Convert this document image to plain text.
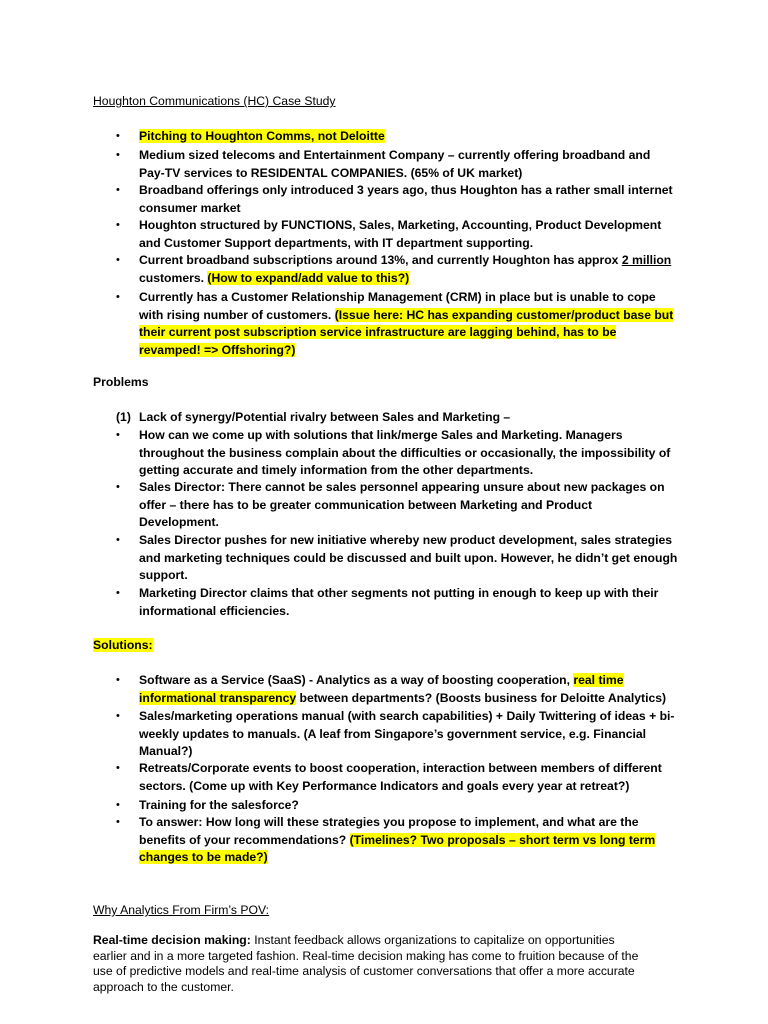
Houghton Communications (HC) Case Study
• Pitching to Houghton Comms, not Deloitte
• Medium sized telecoms and Entertainment Company – currently offering broadband and
Pay-TV services to RESIDENTAL COMPANIES. (65% of UK market)
• Broadband offerings only introduced 3 years ago, thus Houghton has a rather small internet
consumer market
• Houghton structured by FUNCTIONS, Sales, Marketing, Accounting, Product Development
and Customer Support departments, with IT department supporting.
• Current broadband subscriptions around 13%, and currently Houghton has approx 2 million
customers. (How to expand/add value to this?)
• Currently has a Customer Relationship Management (CRM) in place but is unable to cope
with rising number of customers. (Issue here: HC has expanding customer/product base but
their current post subscription service infrastructure are lagging behind, has to be
revamped! => Offshoring?)
Problems
(1) Lack of synergy/Potential rivalry between Sales and Marketing –
• How can we come up with solutions that link/merge Sales and Marketing. Managers
throughout the business complain about the difficulties or occasionally, the impossibility of
getting accurate and timely information from the other departments.
• Sales Director: There cannot be sales personnel appearing unsure about new packages on
offer – there has to be greater communication between Marketing and Product
Development.
• Sales Director pushes for new initiative whereby new product development, sales strategies
and marketing techniques could be discussed and built upon. However, he didn’t get enough
support.
• Marketing Director claims that other segments not putting in enough to keep up with their
informational efficiencies.
Solutions:
• Software as a Service (SaaS) - Analytics as a way of boosting cooperation, real time
informational transparency between departments? (Boosts business for Deloitte Analytics)
• Sales/marketing operations manual (with search capabilities) + Daily Twittering of ideas + bi-
weekly updates to manuals. (A leaf from Singapore’s government service, e.g. Financial
Manual?)
• Retreats/Corporate events to boost cooperation, interaction between members of different
sectors. (Come up with Key Performance Indicators and goals every year at retreat?)
• Training for the salesforce?
• To answer: How long will these strategies you propose to implement, and what are the
benefits of your recommendations? (Timelines? Two proposals – short term vs long term
changes to be made?)
Why Analytics From Firm’s POV:
Real-time decision making: Instant feedback allows organizations to capitalize on opportunities
earlier and in a more targeted fashion. Real-time decision making has come to fruition because of the
use of predictive models and real-time analysis of customer conversations that offer a more accurate
approach to the customer.
